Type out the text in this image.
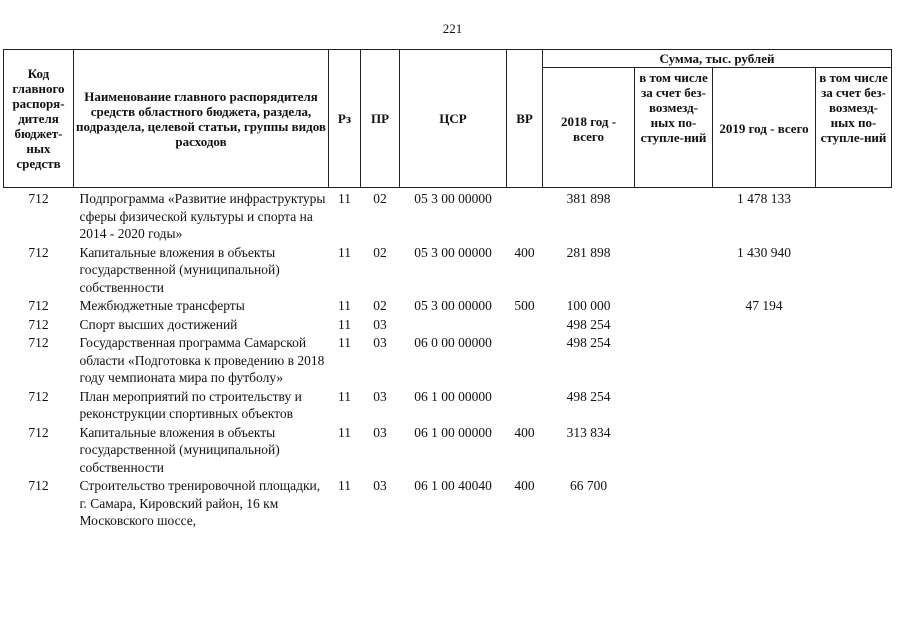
221
Код главного распоря-дителя бюджет-ных средств	Наименование главного распорядителя средств областного бюджета, раздела, подраздела, целевой статьи, группы видов расходов	Рз	ПР	ЦСР	ВР	Сумма, тыс. рублей			
						2018 год - всего	в том числе за счет без-возмезд-ных по-ступле-ний	2019 год - всего	в том числе за счет без-возмезд-ных по-ступле-ний
712	Подпрограмма «Развитие инфраструктуры сферы физической культуры и спорта на 2014 - 2020 годы»	11	02	05 3 00 00000		381 898		1 478 133	
712	Капитальные вложения в объекты государственной (муниципальной) собственности	11	02	05 3 00 00000	400	281 898		1 430 940	
712	Межбюджетные трансферты	11	02	05 3 00 00000	500	100 000		47 194	
712	Спорт высших достижений	11	03			498 254			
712	Государственная программа Самарской области «Подготовка к проведению в 2018 году чемпионата мира по футболу»	11	03	06 0 00 00000		498 254			
712	План мероприятий по строительству и реконструкции спортивных объектов	11	03	06 1 00 00000		498 254			
712	Капитальные вложения в объекты государственной (муниципальной) собственности	11	03	06 1 00 00000	400	313 834			
712	Строительство тренировочной площадки, г. Самара, Кировский район, 16 км Московского шоссе,	11	03	06 1 00 40040	400	66 700			
